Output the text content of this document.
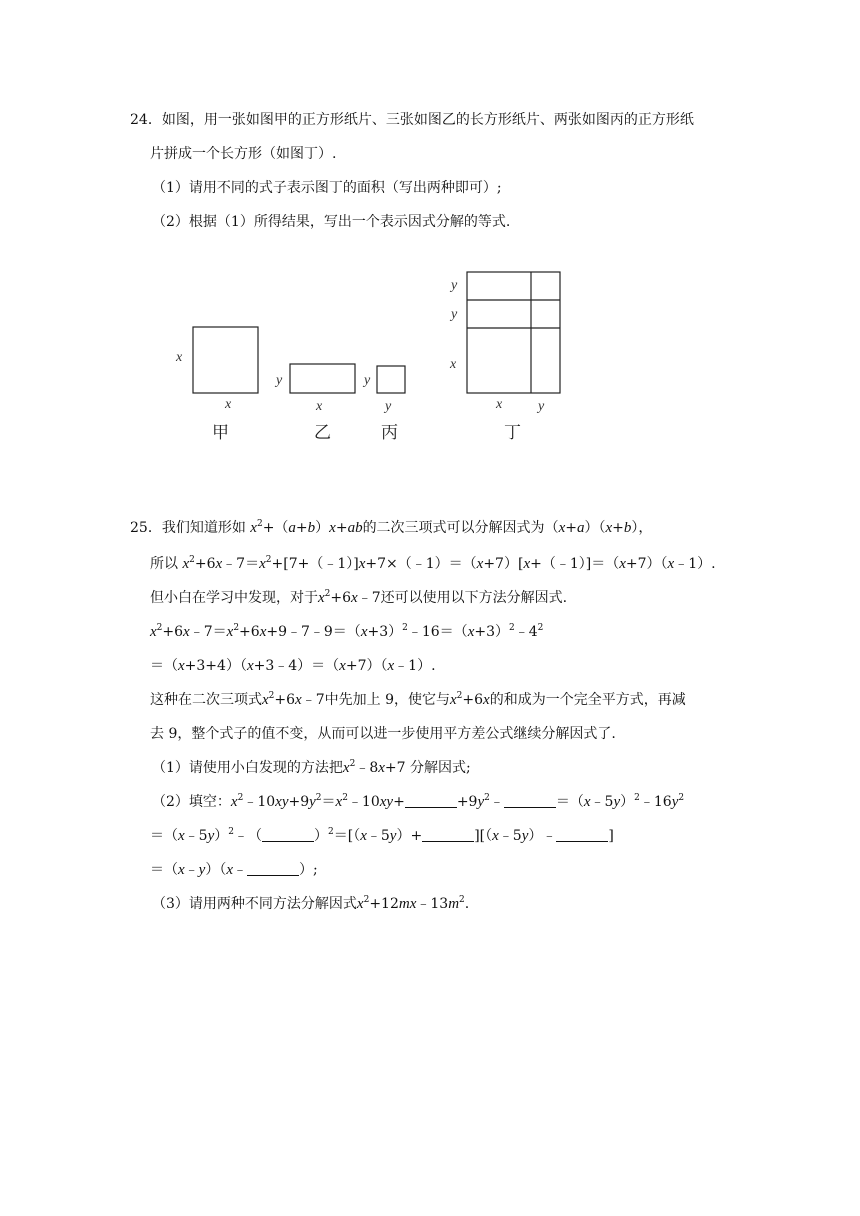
24．如图，用一张如图甲的正方形纸片、三张如图乙的长方形纸片、两张如图丙的正方形纸
片拼成一个长方形（如图丁）.
（1）请用不同的式子表示图丁的面积（写出两种即可）;
（2）根据（1）所得结果，写出一个表示因式分解的等式.
x
x
甲
y
x
乙
y
y
丙
y
y
x
x	y
丁
25．我们知道形如 $x^2+(a+b)x+ab$的二次三项式可以分解因式为（x+a）（x+b），
所以 $x^2+6x﹣7=x^2+[7+(﹣1)]x+7\times(﹣1)=(x+7)[x+(﹣1)]=(x+7)(x﹣1)$.
但小白在学习中发现，对于$x^2+6x﹣7$还可以使用以下方法分解因式.
$x^2+6x﹣7=x^2+6x+9﹣7﹣9=(x+3)^2﹣16=(x+3)^2﹣4^2$
＝（x+3+4）（x+3﹣4）＝（x+7）（x﹣1）.
这种在二次三项式$x^2+6x﹣7$中先加上 9，使它与$x^2+6x$的和成为一个完全平方式，再减
去 9，整个式子的值不变，从而可以进一步使用平方差公式继续分解因式了.
（1）请使用小白发现的方法把$x^2﹣8x+7$ 分解因式;
（2）填空：$x^2﹣10xy+9y^2=x^2﹣10xy+$	$+9y^2﹣$	$=(x﹣5y)^2﹣16y^2$
＝（x﹣5y）$^2$﹣（	）$^2$＝[（x﹣5y）+	][（x﹣5y）﹣	]
＝（x﹣y）（x﹣	）;
（3）请用两种不同方法分解因式$x^2+12mx﹣13m^2$.
